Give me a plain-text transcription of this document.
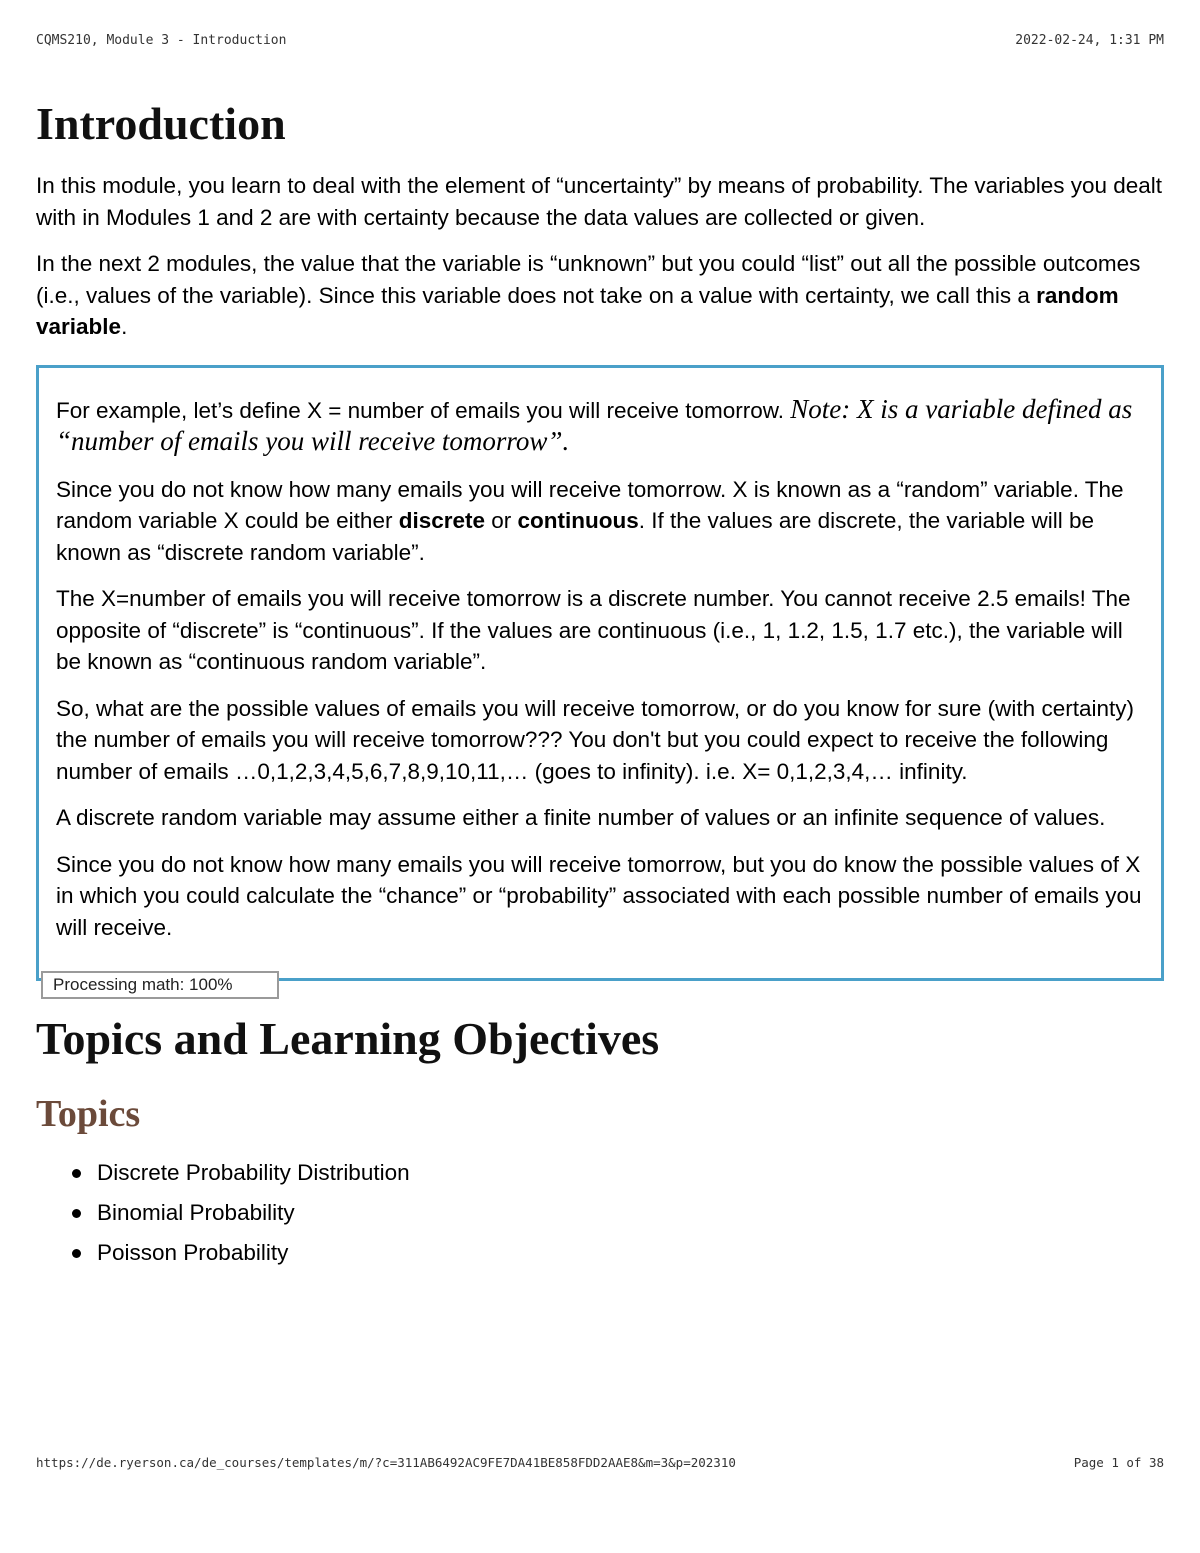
CQMS210, Module 3 - Introduction	2022-02-24, 1:31 PM
Introduction

In this module, you learn to deal with the element of “uncertainty” by means of probability. The variables you dealt with in Modules 1 and 2 are with certainty because the data values are collected or given.

In the next 2 modules, the value that the variable is “unknown” but you could “list” out all the possible outcomes (i.e., values of the variable). Since this variable does not take on a value with certainty, we call this a random variable.

For example, let’s define X = number of emails you will receive tomorrow. Note: X is a variable defined as “number of emails you will receive tomorrow”.

Since you do not know how many emails you will receive tomorrow. X is known as a “random” variable. The random variable X could be either discrete or continuous. If the values are discrete, the variable will be known as “discrete random variable”.

The X=number of emails you will receive tomorrow is a discrete number. You cannot receive 2.5 emails! The opposite of “discrete” is “continuous”. If the values are continuous (i.e., 1, 1.2, 1.5, 1.7 etc.), the variable will be known as “continuous random variable”.

So, what are the possible values of emails you will receive tomorrow, or do you know for sure (with certainty) the number of emails you will receive tomorrow??? You don't but you could expect to receive the following number of emails …0,1,2,3,4,5,6,7,8,9,10,11,… (goes to infinity). i.e. X= 0,1,2,3,4,… infinity.

A discrete random variable may assume either a finite number of values or an infinite sequence of values.

Since you do not know how many emails you will receive tomorrow, but you do know the possible values of X in which you could calculate the “chance” or “probability” associated with each possible number of emails you will receive.

Processing math: 100%
Topics and Learning Objectives
Topics
Discrete Probability Distribution
Binomial Probability
Poisson Probability
https://de.ryerson.ca/de_courses/templates/m/?c=311AB6492AC9FE7DA41BE858FDD2AAE8&m=3&p=202310	Page 1 of 38
